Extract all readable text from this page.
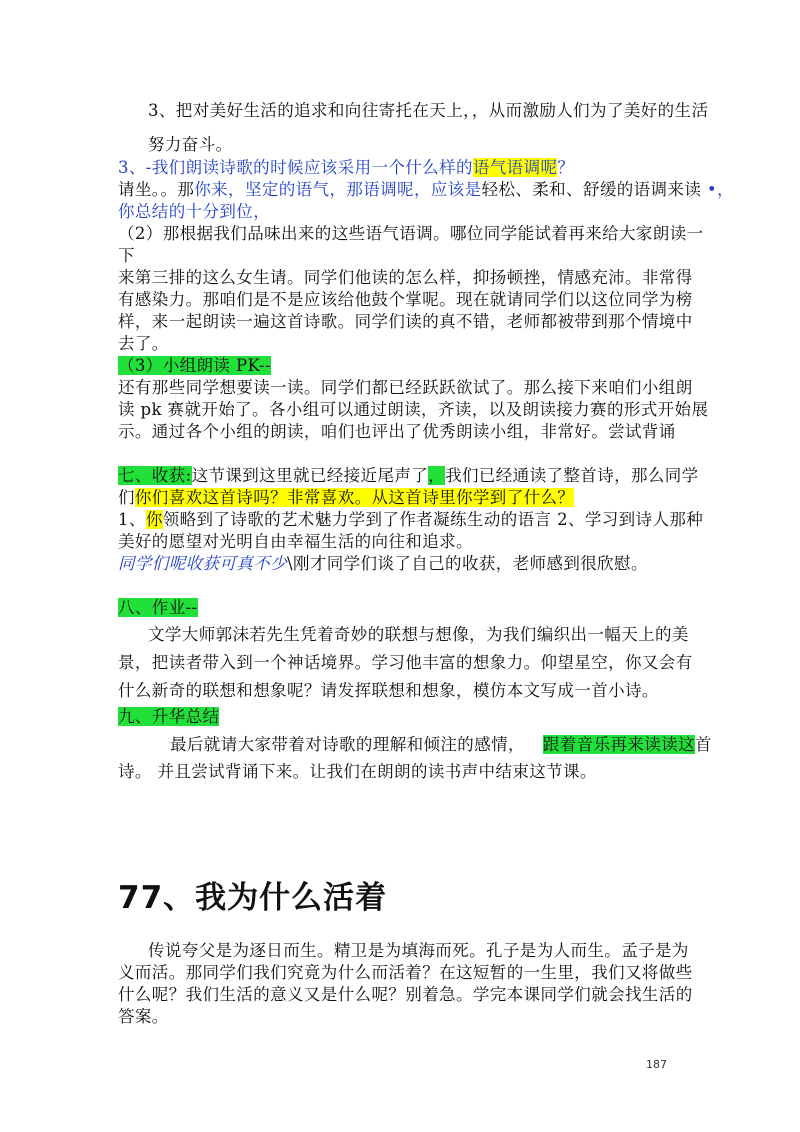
3、把对美好生活的追求和向往寄托在天上，，从而激励人们为了美好的生活
努力奋斗。
3、-我们朗读诗歌的时候应该采用一个什么样的语气语调呢？
请坐。。那你来，坚定的语气，那语调呢，应该是轻松、柔和、舒缓的语调来读 •，
你总结的十分到位，
（2）那根据我们品味出来的这些语气语调。哪位同学能试着再来给大家朗读一
下
来第三排的这么女生请。同学们他读的怎么样，抑扬顿挫，情感充沛。非常得
有感染力。那咱们是不是应该给他鼓个掌呢。现在就请同学们以这位同学为榜
样，来一起朗读一遍这首诗歌。同学们读的真不错，老师都被带到那个情境中
去了。
（3）小组朗读 PK--
还有那些同学想要读一读。同学们都已经跃跃欲试了。那么接下来咱们小组朗
读 pk 赛就开始了。各小组可以通过朗读，齐读，以及朗读接力赛的形式开始展
示。通过各个小组的朗读，咱们也评出了优秀朗读小组，非常好。尝试背诵
七、收获:这节课到这里就已经接近尾声了，我们已经通读了整首诗，那么同学
们你们喜欢这首诗吗？非常喜欢。从这首诗里你学到了什么？
1、你领略到了诗歌的艺术魅力学到了作者凝练生动的语言 2、学习到诗人那种
美好的愿望对光明自由幸福生活的向往和追求。
同学们呢收获可真不少\刚才同学们谈了自己的收获，老师感到很欣慰。
八、作业--
文学大师郭沫若先生凭着奇妙的联想与想像，为我们编织出一幅天上的美
景，把读者带入到一个神话境界。学习他丰富的想象力。仰望星空，你又会有
什么新奇的联想和想象呢？请发挥联想和想象，模仿本文写成一首小诗。
九、升华总结
最后就请大家带着对诗歌的理解和倾注的感情， 跟着音乐再来读读这首
诗。 并且尝试背诵下来。让我们在朗朗的读书声中结束这节课。
77、我为什么活着
传说夸父是为逐日而生。精卫是为填海而死。孔子是为人而生。孟子是为
义而活。那同学们我们究竟为什么而活着？在这短暂的一生里，我们又将做些
什么呢？我们生活的意义又是什么呢？别着急。学完本课同学们就会找生活的
答案。
187
